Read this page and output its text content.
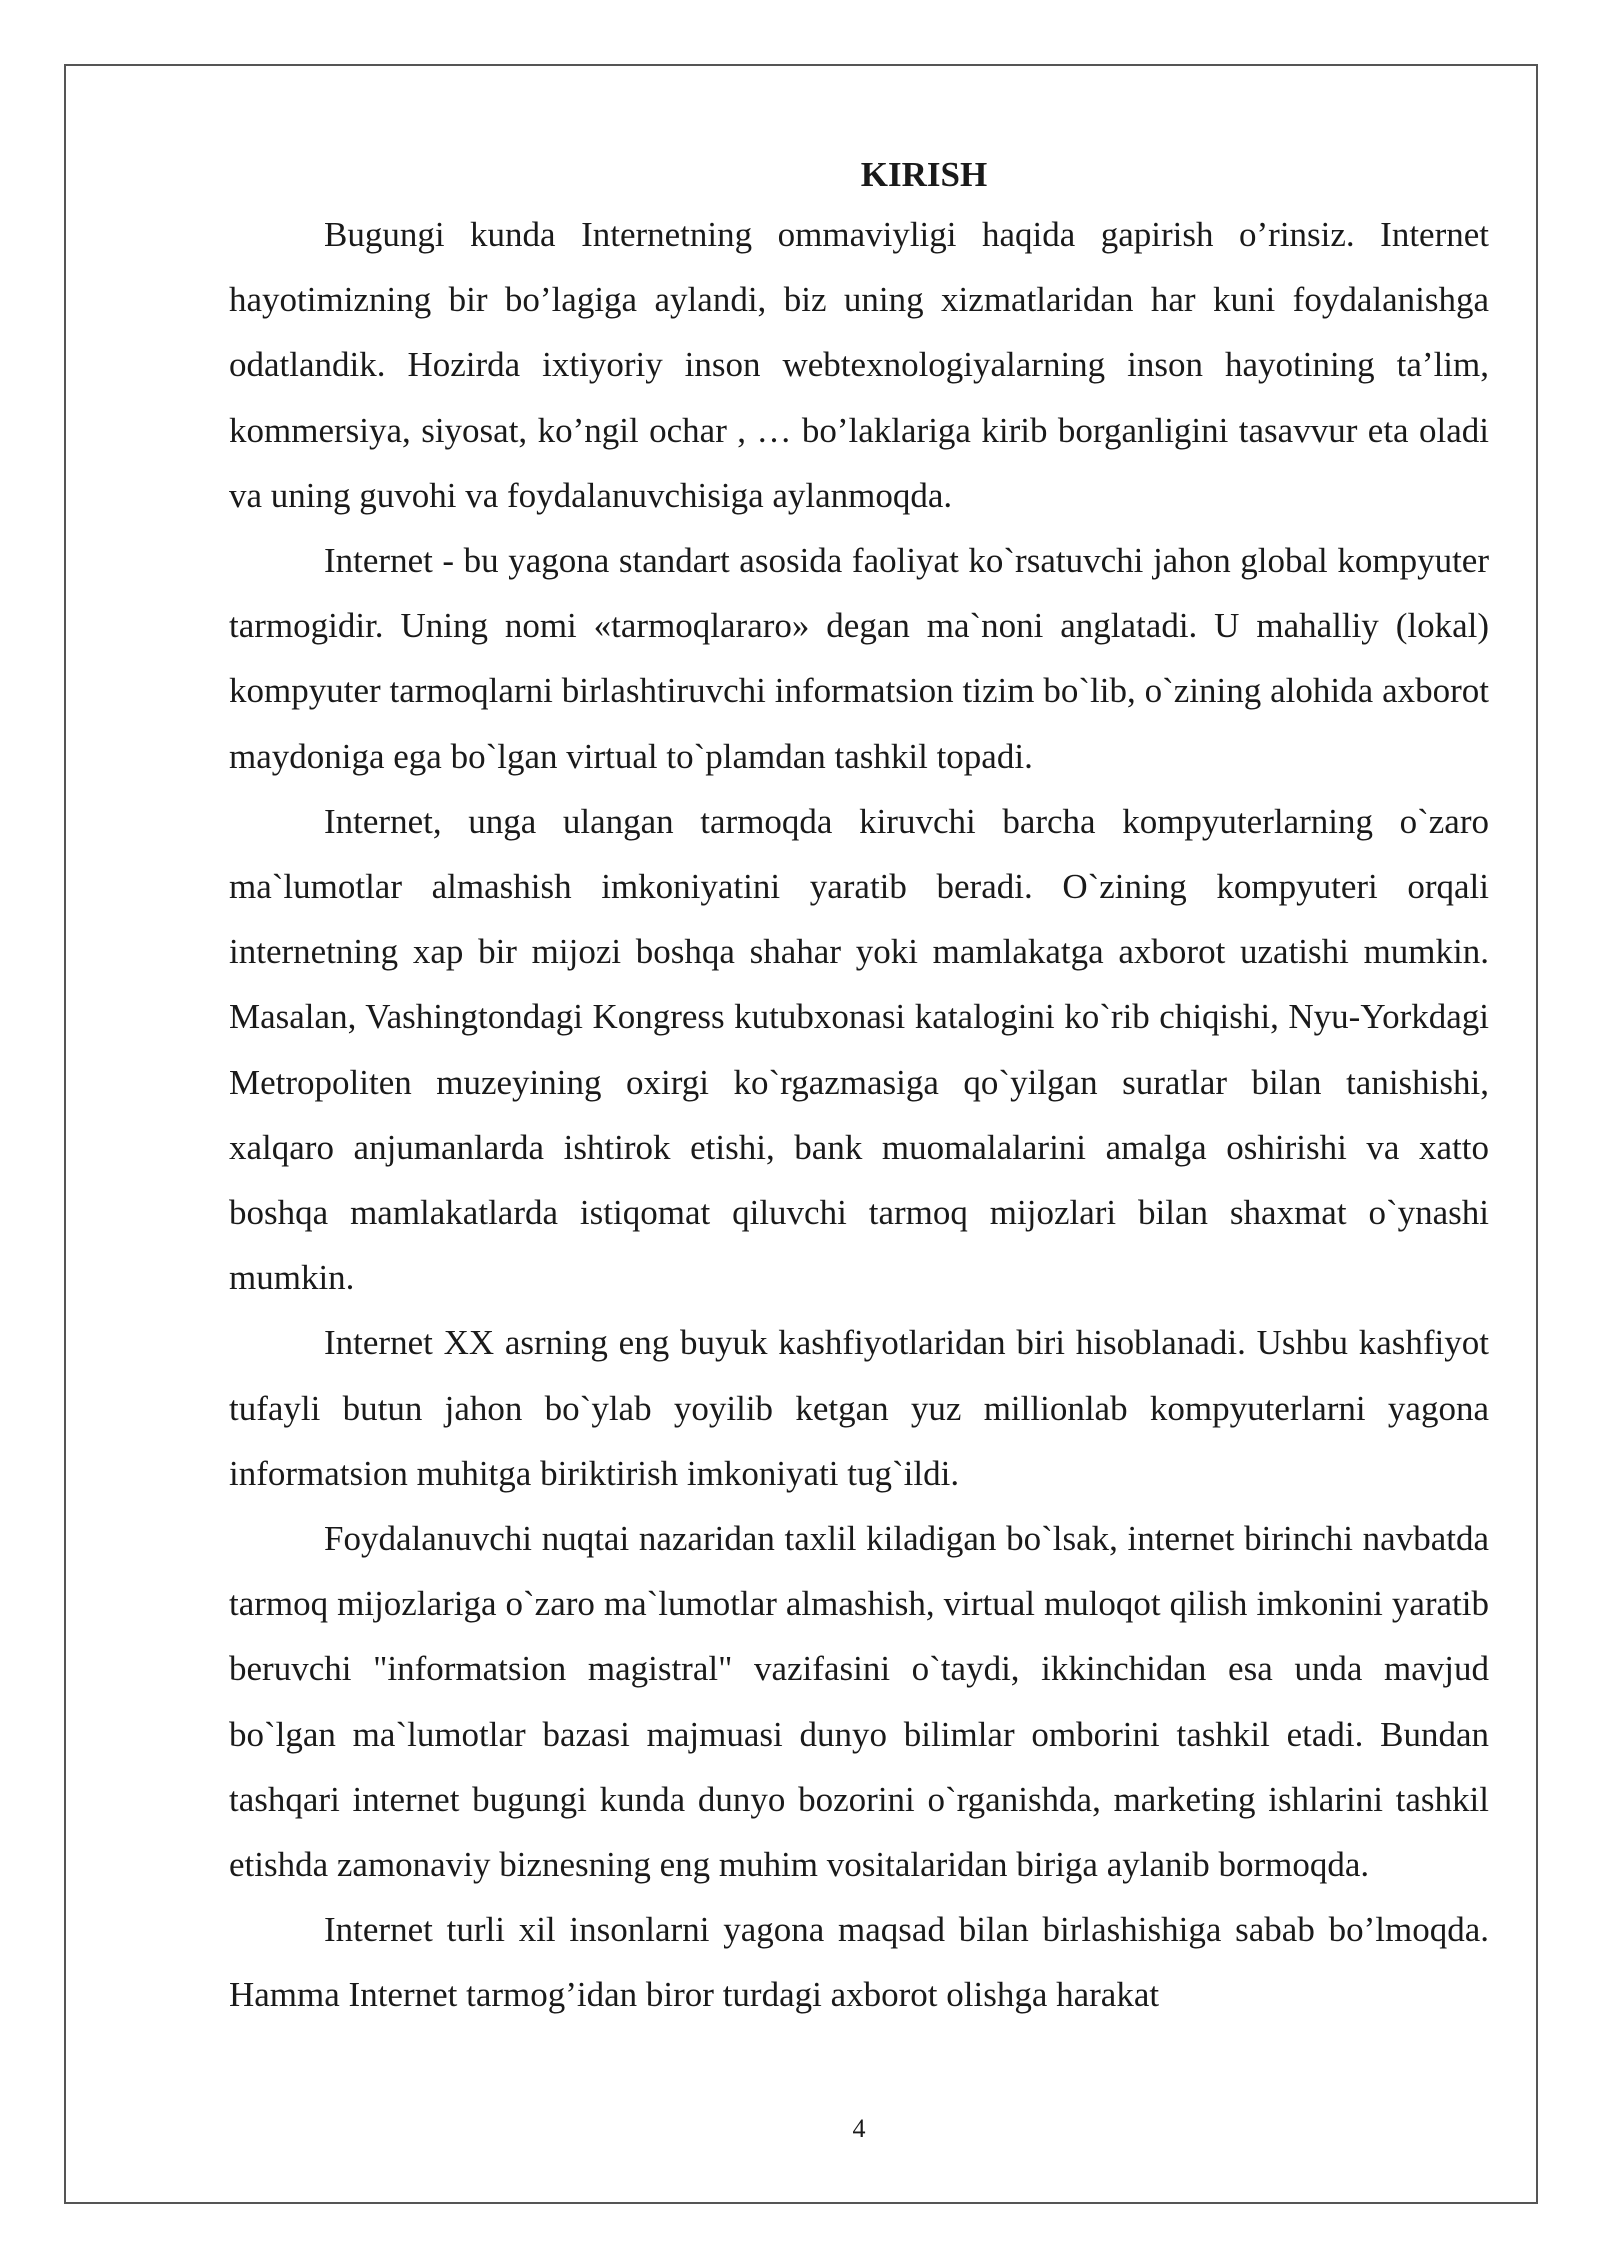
KIRISH

Bugungi kunda Internetning ommaviyligi haqida gapirish o’rinsiz. Internet hayotimizning bir bo’lagiga aylandi, biz uning xizmatlaridan har kuni foydalanishga odatlandik. Hozirda ixtiyoriy inson webtexnologiyalarning inson hayotining ta’lim, kommersiya, siyosat, ko’ngil ochar , … bo’laklariga kirib borganligini tasavvur eta oladi va uning guvohi va foydalanuvchisiga aylanmoqda.

Internet - bu yagona standart asosida faoliyat ko`rsatuvchi jahon global kompyuter tarmogidir. Uning nomi «tarmoqlararo» degan ma`noni anglatadi. U mahalliy (lokal) kompyuter tarmoqlarni birlashtiruvchi informatsion tizim bo`lib, o`zining alohida axborot maydoniga ega bo`lgan virtual to`plamdan tashkil topadi.

Internet, unga ulangan tarmoqda kiruvchi barcha kompyuterlarning o`zaro ma`lumotlar almashish imkoniyatini yaratib beradi. O`zining kompyuteri orqali internetning xap bir mijozi boshqa shahar yoki mamlakatga axborot uzatishi mumkin. Masalan, Vashingtondagi Kongress kutubxonasi katalogini ko`rib chiqishi, Nyu-Yorkdagi Metropoliten muzeyining oxirgi ko`rgazmasiga qo`yilgan suratlar bilan tanishishi, xalqaro anjumanlarda ishtirok etishi, bank muomalalarini amalga oshirishi va xatto boshqa mamlakatlarda istiqomat qiluvchi tarmoq mijozlari bilan shaxmat o`ynashi mumkin.

Internet XX asrning eng buyuk kashfiyotlaridan biri hisoblanadi. Ushbu kashfiyot tufayli butun jahon bo`ylab yoyilib ketgan yuz millionlab kompyuterlarni yagona informatsion muhitga biriktirish imkoniyati tug`ildi.

Foydalanuvchi nuqtai nazaridan taxlil kiladigan bo`lsak, internet birinchi navbatda tarmoq mijozlariga o`zaro ma`lumotlar almashish, virtual muloqot qilish imkonini yaratib beruvchi "informatsion magistral" vazifasini o`taydi, ikkinchidan esa unda mavjud bo`lgan ma`lumotlar bazasi majmuasi dunyo bilimlar omborini tashkil etadi. Bundan tashqari internet bugungi kunda dunyo bozorini o`rganishda, marketing ishlarini tashkil etishda zamonaviy biznesning eng muhim vositalaridan biriga aylanib bormoqda.

Internet turli xil insonlarni yagona maqsad bilan birlashishiga sabab bo’lmoqda. Hamma Internet tarmog’idan biror turdagi axborot olishga harakat

4
